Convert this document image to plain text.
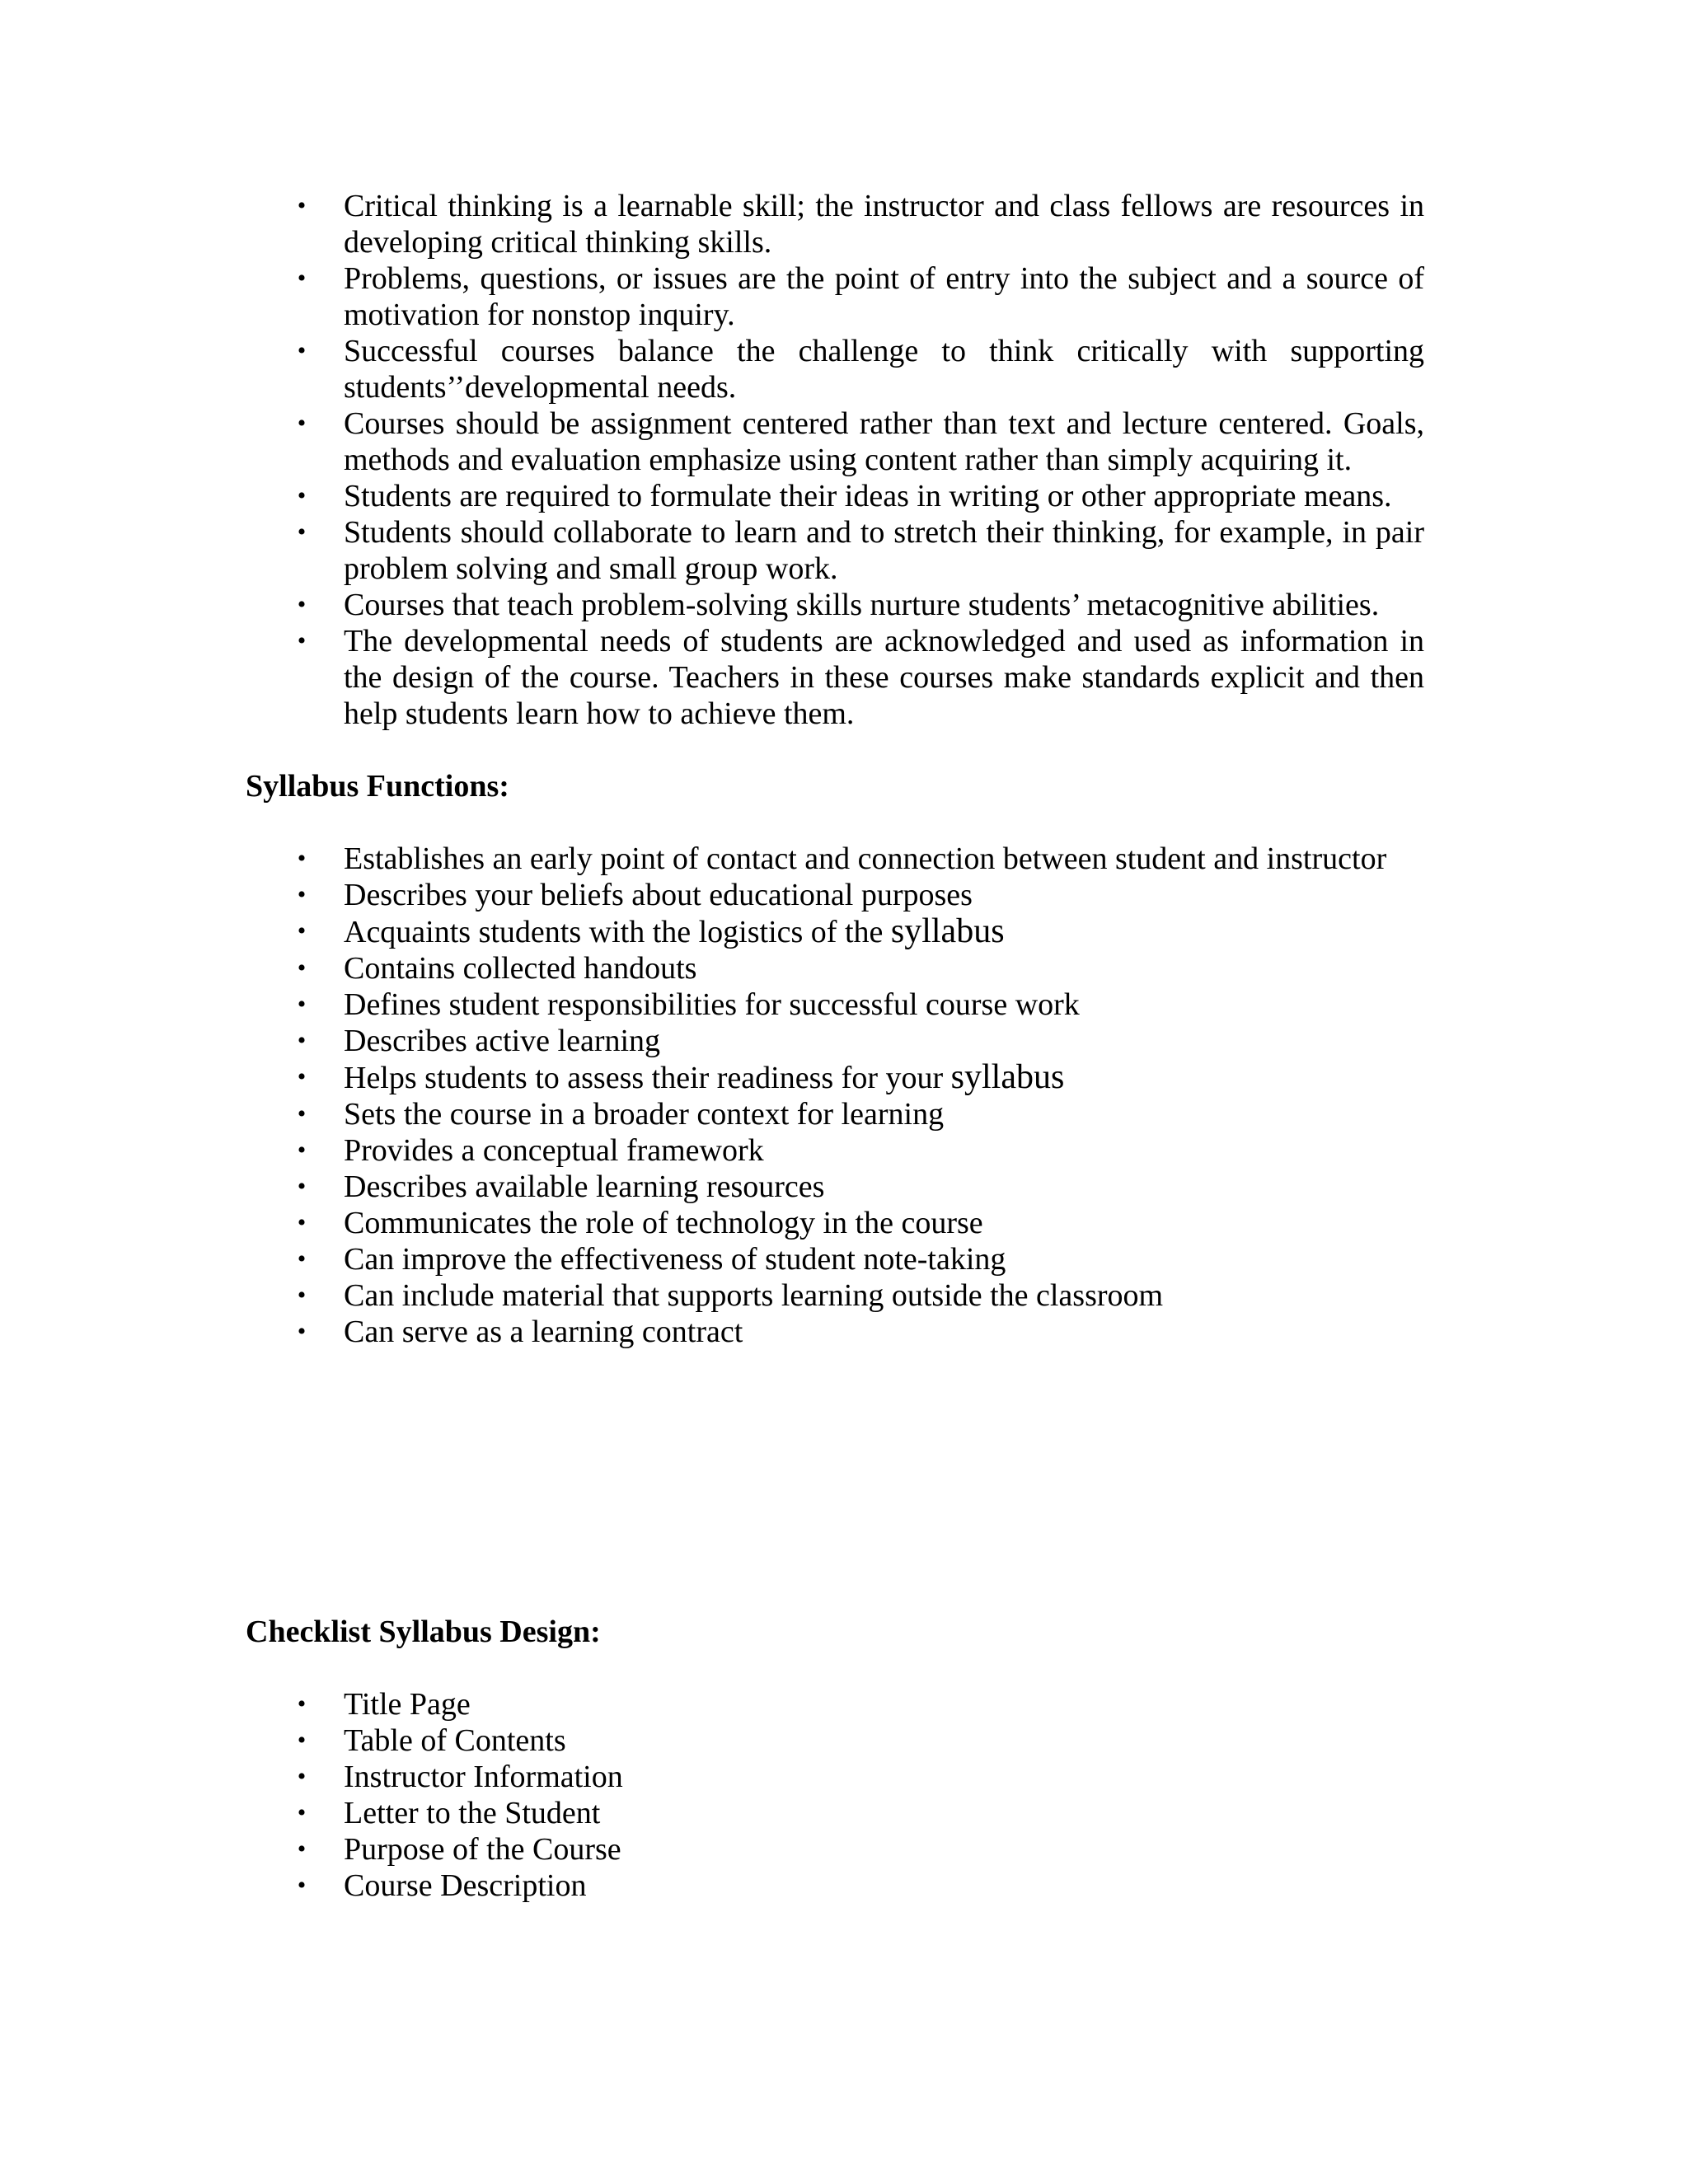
• Critical thinking is a learnable skill; the instructor and class fellows are resources in developing critical thinking skills.
• Problems, questions, or issues are the point of entry into the subject and a source of motivation for nonstop inquiry.
• Successful courses balance the challenge to think critically with supporting students’’developmental needs.
• Courses should be assignment centered rather than text and lecture centered. Goals, methods and evaluation emphasize using content rather than simply acquiring it.
• Students are required to formulate their ideas in writing or other appropriate means.
• Students should collaborate to learn and to stretch their thinking, for example, in pair problem solving and small group work.
• Courses that teach problem-solving skills nurture students’ metacognitive abilities.
• The developmental needs of students are acknowledged and used as information in the design of the course. Teachers in these courses make standards explicit and then help students learn how to achieve them.

Syllabus Functions:

• Establishes an early point of contact and connection between student and instructor
• Describes your beliefs about educational purposes
• Acquaints students with the logistics of the syllabus
• Contains collected handouts
• Defines student responsibilities for successful course work
• Describes active learning
• Helps students to assess their readiness for your syllabus
• Sets the course in a broader context for learning
• Provides a conceptual framework
• Describes available learning resources
• Communicates the role of technology in the course
• Can improve the effectiveness of student note-taking
• Can include material that supports learning outside the classroom
• Can serve as a learning contract

Checklist Syllabus Design:

• Title Page
• Table of Contents
• Instructor Information
• Letter to the Student
• Purpose of the Course
• Course Description
